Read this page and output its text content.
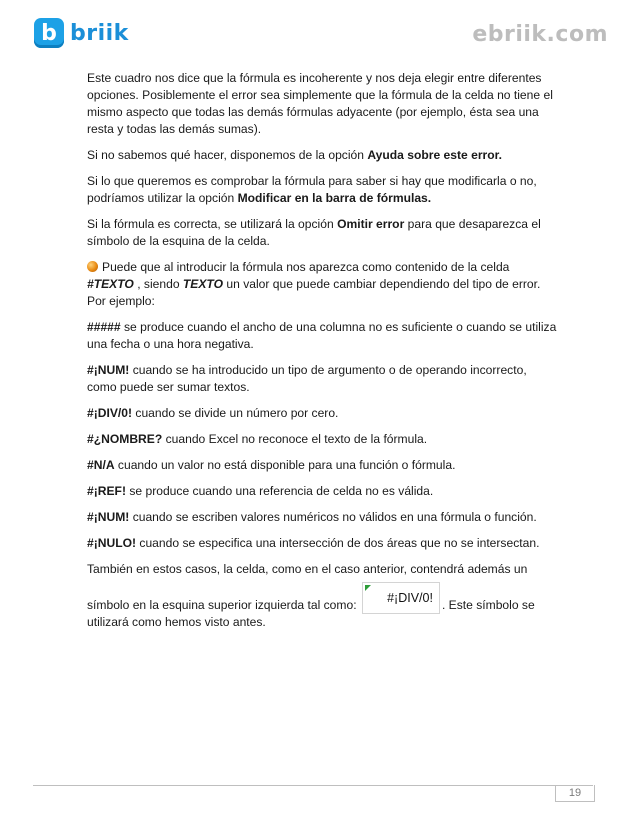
b briik	ebriik.com

Este cuadro nos dice que la fórmula es incoherente y nos deja elegir entre diferentes opciones. Posiblemente el error sea simplemente que la fórmula de la celda no tiene el mismo aspecto que todas las demás fórmulas adyacente (por ejemplo, ésta sea una resta y todas las demás sumas).

Si no sabemos qué hacer, disponemos de la opción Ayuda sobre este error.

Si lo que queremos es comprobar la fórmula para saber si hay que modificarla o no, podríamos utilizar la opción Modificar en la barra de fórmulas.

Si la fórmula es correcta, se utilizará la opción Omitir error para que desaparezca el símbolo de la esquina de la celda.

Puede que al introducir la fórmula nos aparezca como contenido de la celda #TEXTO , siendo TEXTO un valor que puede cambiar dependiendo del tipo de error. Por ejemplo:

##### se produce cuando el ancho de una columna no es suficiente o cuando se utiliza una fecha o una hora negativa.

#¡NUM! cuando se ha introducido un tipo de argumento o de operando incorrecto, como puede ser sumar textos.

#¡DIV/0! cuando se divide un número por cero.

#¿NOMBRE? cuando Excel no reconoce el texto de la fórmula.

#N/A cuando un valor no está disponible para una función o fórmula.

#¡REF! se produce cuando una referencia de celda no es válida.

#¡NUM! cuando se escriben valores numéricos no válidos en una fórmula o función.

#¡NULO! cuando se especifica una intersección de dos áreas que no se intersectan.

También en estos casos, la celda, como en el caso anterior, contendrá además un

símbolo en la esquina superior izquierda tal como: #¡DIV/0! . Este símbolo se utilizará como hemos visto antes.

19
